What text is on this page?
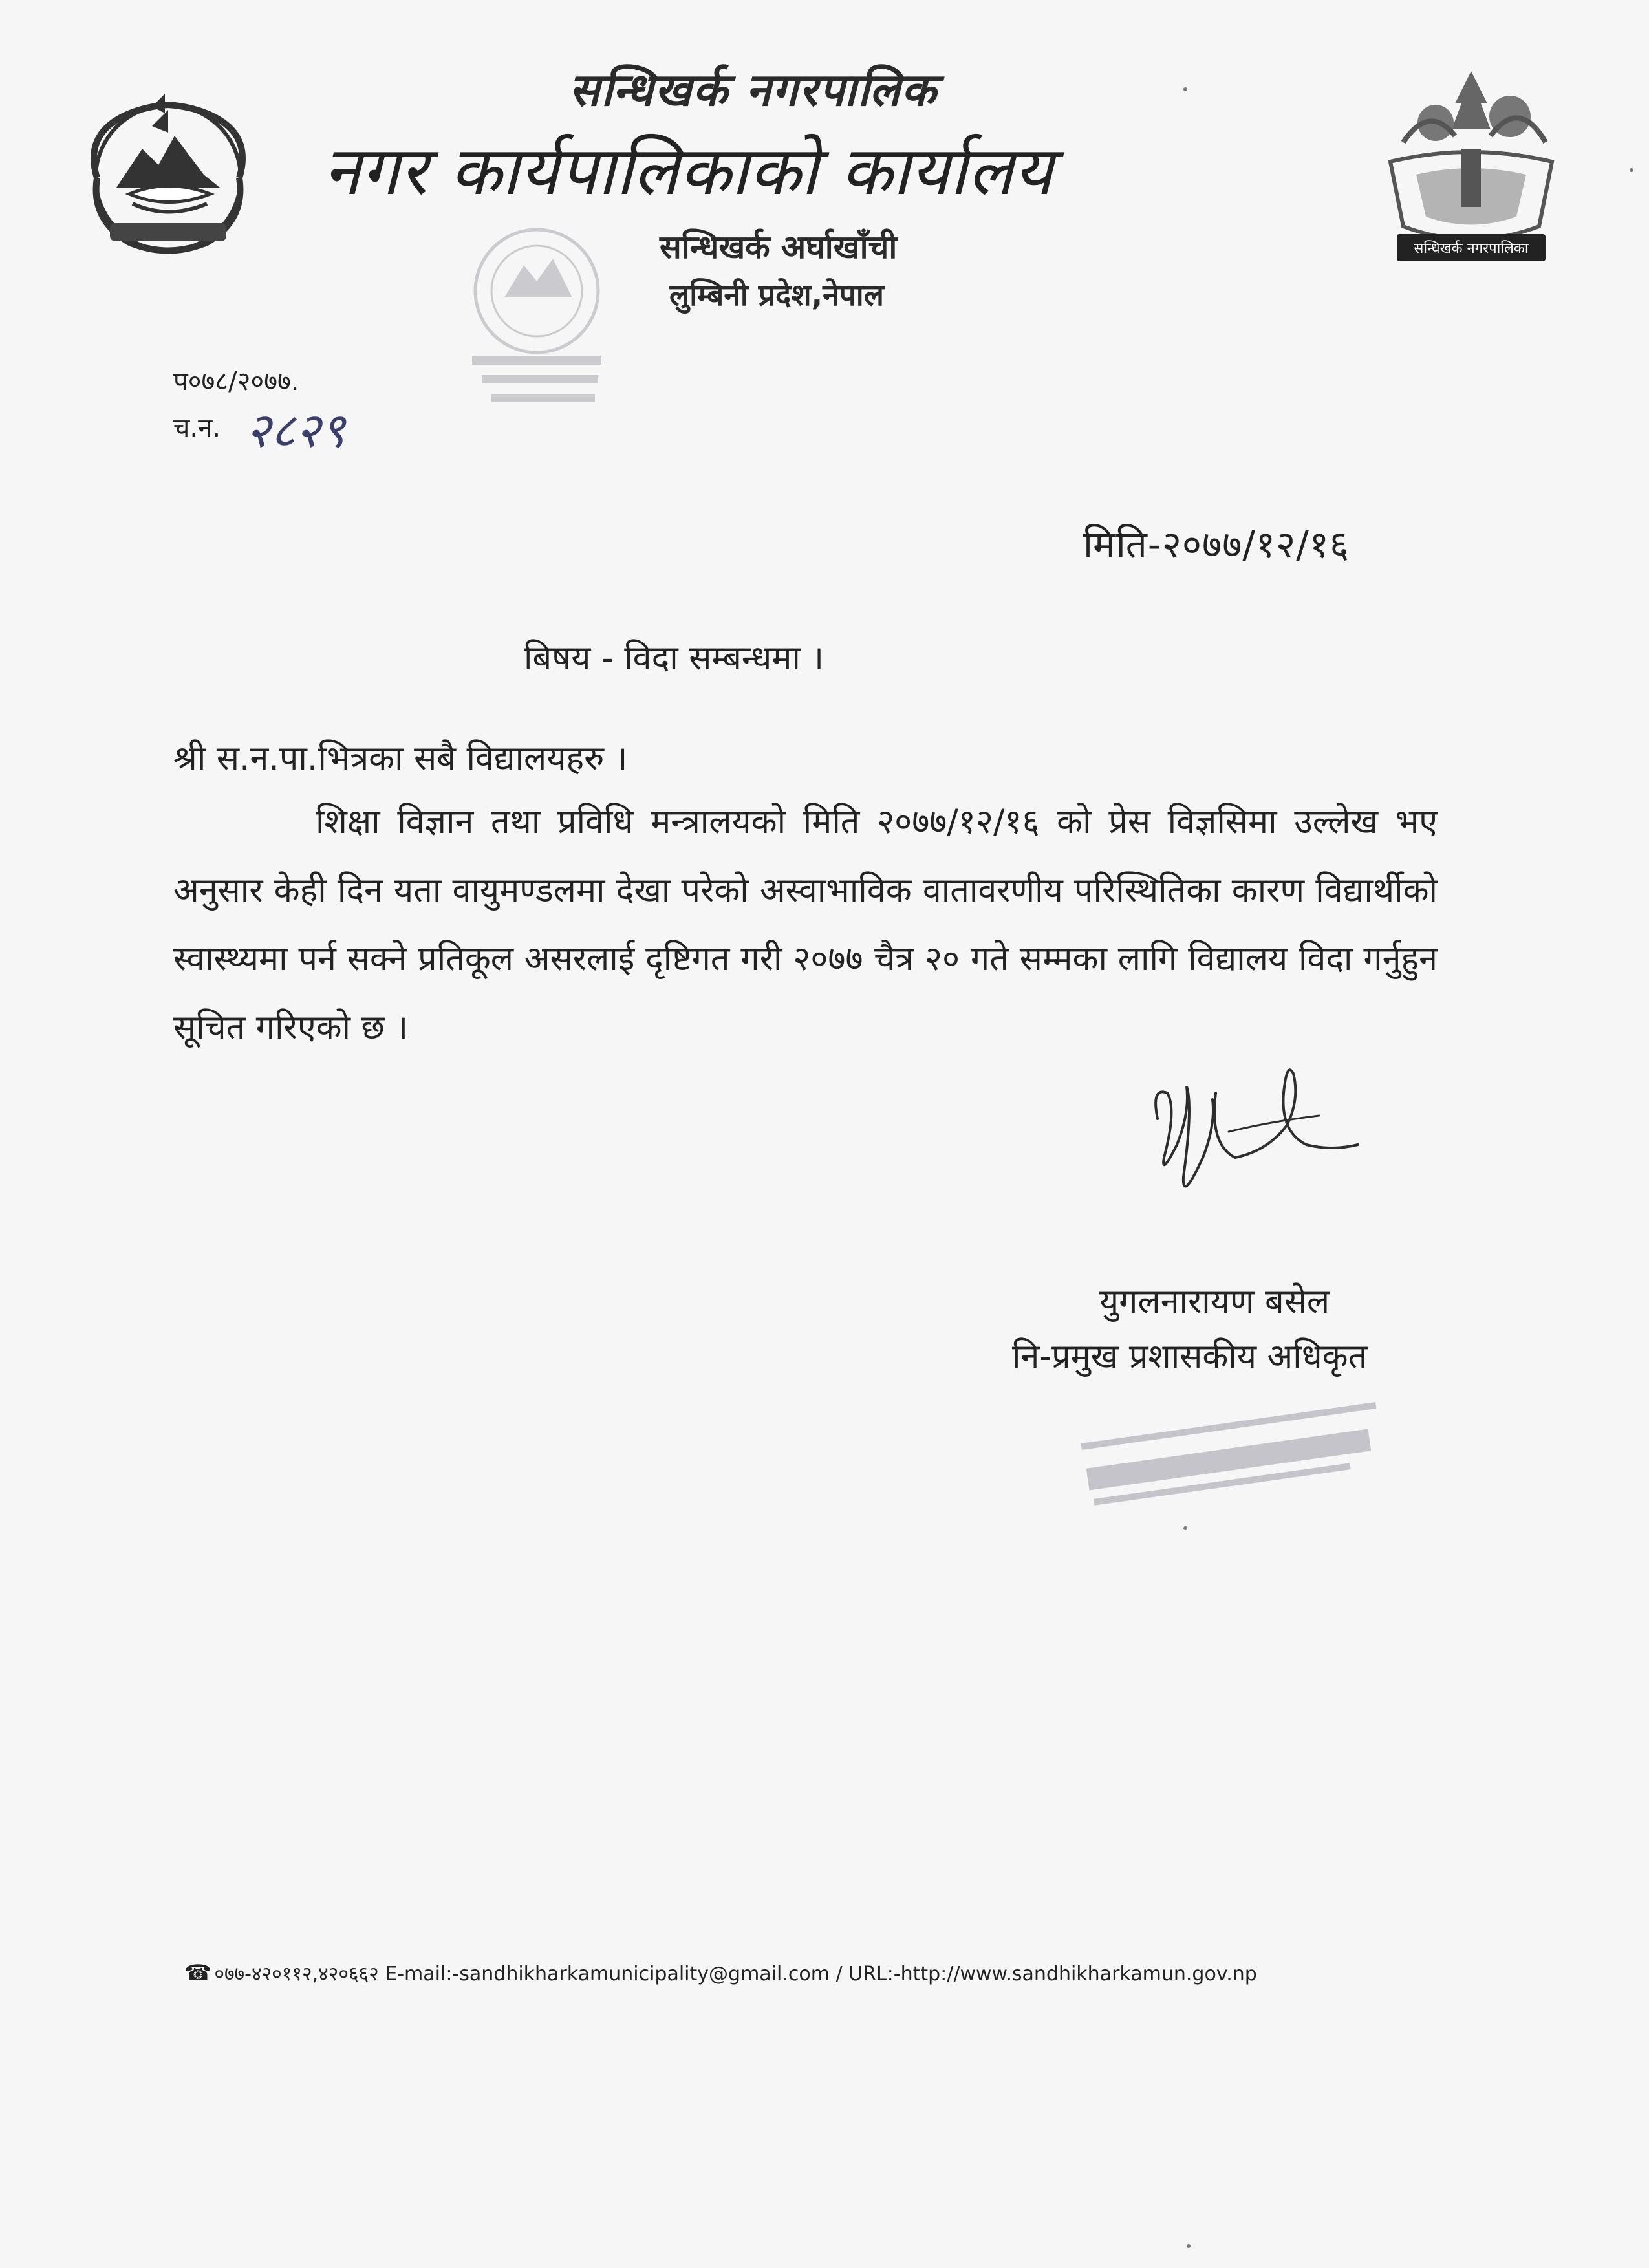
सन्धिखर्क नगरपालिक
नगर कार्यपालिकाको कार्यालय
सन्धिखर्क अर्घाखाँची
लुम्बिनी प्रदेश,नेपाल
सन्धिखर्क नगरपालिका
प०७८/२०७७.
च.न. २८२९
मिति-२०७७/१२/१६
बिषय - विदा सम्बन्धमा ।
श्री स.न.पा.भित्रका सबै विद्यालयहरु ।
शिक्षा विज्ञान तथा प्रविधि मन्त्रालयको मिति २०७७/१२/१६ को प्रेस विज्ञसिमा उल्लेख भए अनुसार केही दिन यता वायुमण्डलमा देखा परेको अस्वाभाविक वातावरणीय परिस्थितिका कारण विद्यार्थीको स्वास्थ्यमा पर्न सक्ने प्रतिकूल असरलाई दृष्टिगत गरी २०७७ चैत्र २० गते सम्मका लागि विद्यालय विदा गर्नुहुन सूचित गरिएको छ ।
युगलनारायण बसेल
नि-प्रमुख प्रशासकीय अधिकृत
☎ ०७७-४२०११२,४२०६६२ E-mail:-sandhikharkamunicipality@gmail.com / URL:-http://www.sandhikharkamun.gov.np
